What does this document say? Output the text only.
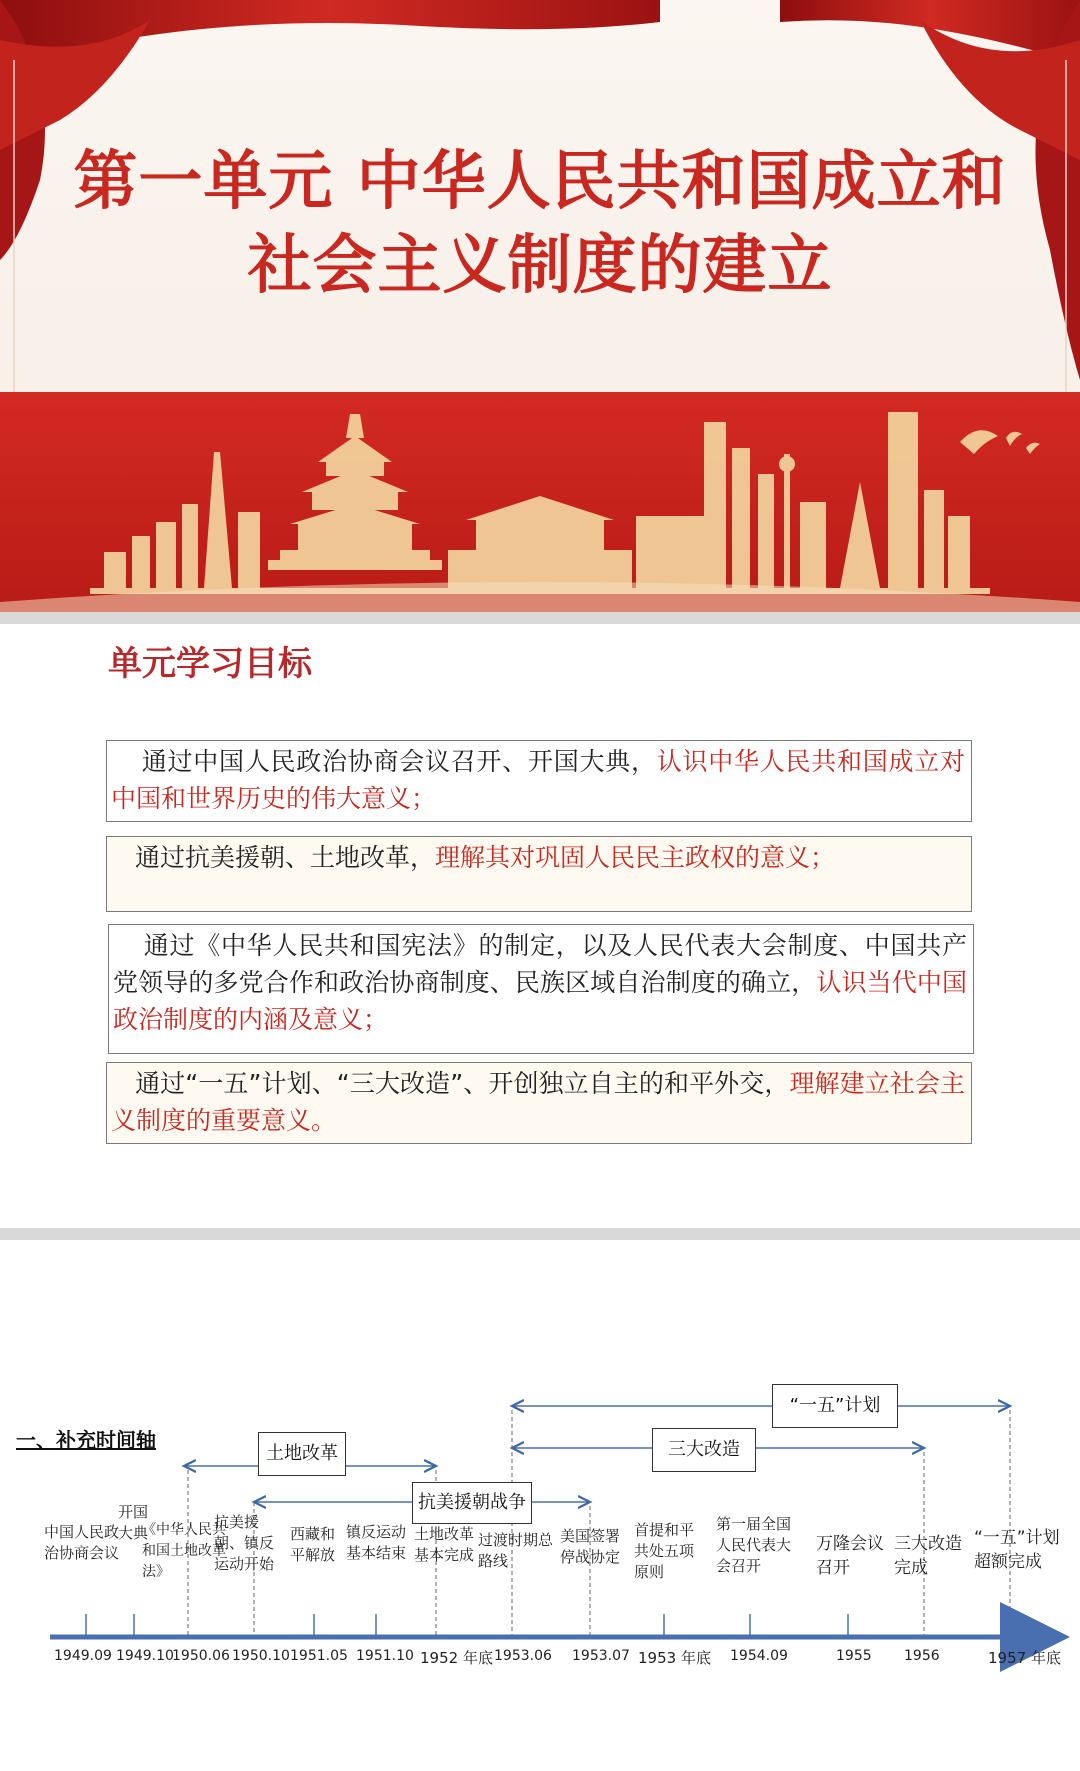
第一单元 中华人民共和国成立和
社会主义制度的建立
单元学习目标
通过中国人民政治协商会议召开、开国大典，认识中华人民共和国成立对中国和世界历史的伟大意义；
通过抗美援朝、土地改革，理解其对巩固人民民主政权的意义；
通过《中华人民共和国宪法》的制定，以及人民代表大会制度、中国共产党领导的多党合作和政治协商制度、民族区域自治制度的确立，认识当代中国政治制度的内涵及意义；
通过“一五”计划、“三大改造”、开创独立自主的和平外交，理解建立社会主义制度的重要意义。
一、补充时间轴
“一五”计划
三大改造
土地改革
抗美援朝战争
中国人民政
治协商会议
开国
大典
《中华人民共
和国土地改革
法》
抗美援
朝、镇反
运动开始
西藏和
平解放
镇反运动
基本结束
土地改革
基本完成
过渡时期总
路线
美国签署
停战协定
首提和平
共处五项
原则
第一届全国
人民代表大
会召开
万隆会议
召开
三大改造
完成
“一五”计划
超额完成
1949.09 1949.10
1950.06 1950.10 1951.05 1951.10 1952 年底 1953.06 1953.07 1953 年底 1954.09	1955 1956	1957 年底
